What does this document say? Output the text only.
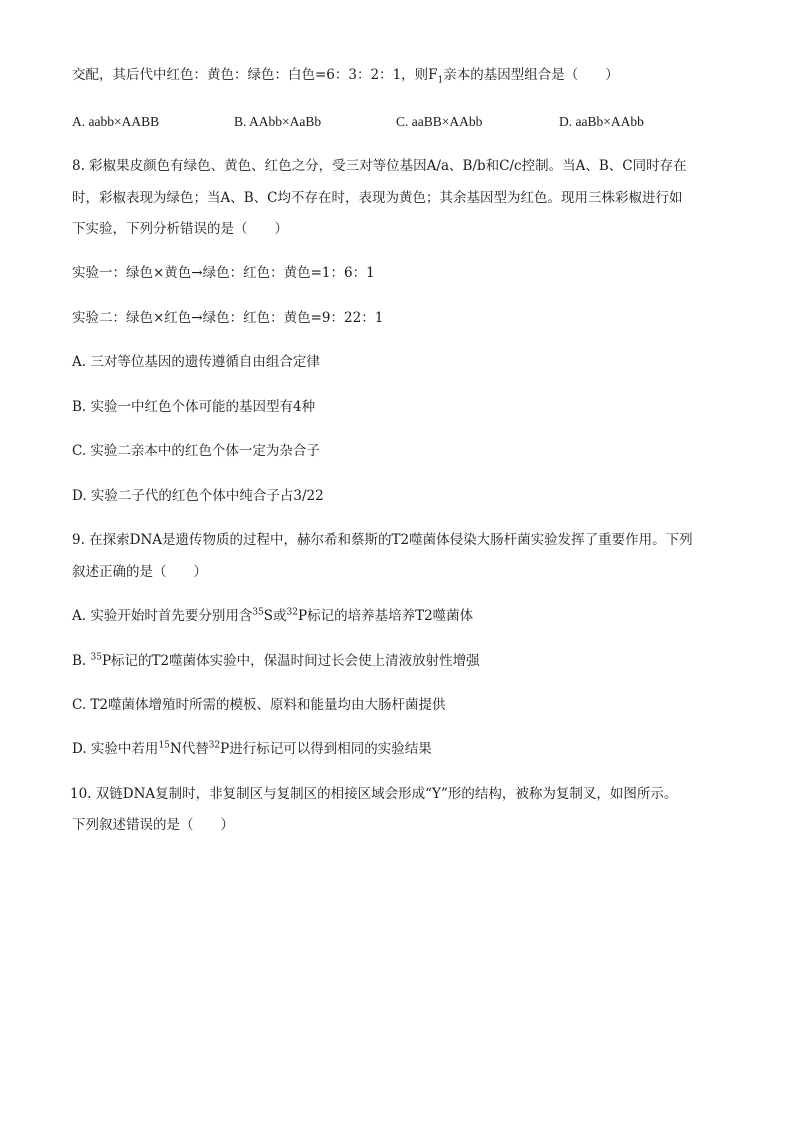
交配，其后代中红色：黄色：绿色：白色=6：3：2：1，则$F_1$亲本的基因型组合是（　　）
A. aabb×AABB	B. AAbb×AaBb	C. aaBB×AAbb	D. aaBb×AAbb
8. 彩椒果皮颜色有绿色、黄色、红色之分，受三对等位基因A/a、B/b和C/c控制。当A、B、C同时存在
时，彩椒表现为绿色；当A、B、C均不存在时，表现为黄色；其余基因型为红色。现用三株彩椒进行如
下实验，下列分析错误的是（　　）
实验一：绿色×黄色→绿色：红色：黄色=1：6：1
实验二：绿色×红色→绿色：红色：黄色=9：22：1
A. 三对等位基因的遗传遵循自由组合定律
B. 实验一中红色个体可能的基因型有4种
C. 实验二亲本中的红色个体一定为杂合子
D. 实验二子代的红色个体中纯合子占3/22
9. 在探索DNA是遗传物质的过程中，赫尔希和蔡斯的T2噬菌体侵染大肠杆菌实验发挥了重要作用。下列
叙述正确的是（　　）
A. 实验开始时首先要分别用含$^{35}$S或$^{32}$P标记的培养基培养T2噬菌体
B. $^{35}$P标记的T2噬菌体实验中，保温时间过长会使上清液放射性增强
C. T2噬菌体增殖时所需的模板、原料和能量均由大肠杆菌提供
D. 实验中若用$^{15}$N代替$^{32}$P进行标记可以得到相同的实验结果
10. 双链DNA复制时，非复制区与复制区的相接区域会形成“Y”形的结构，被称为复制叉，如图所示。
下列叙述错误的是（　　）
